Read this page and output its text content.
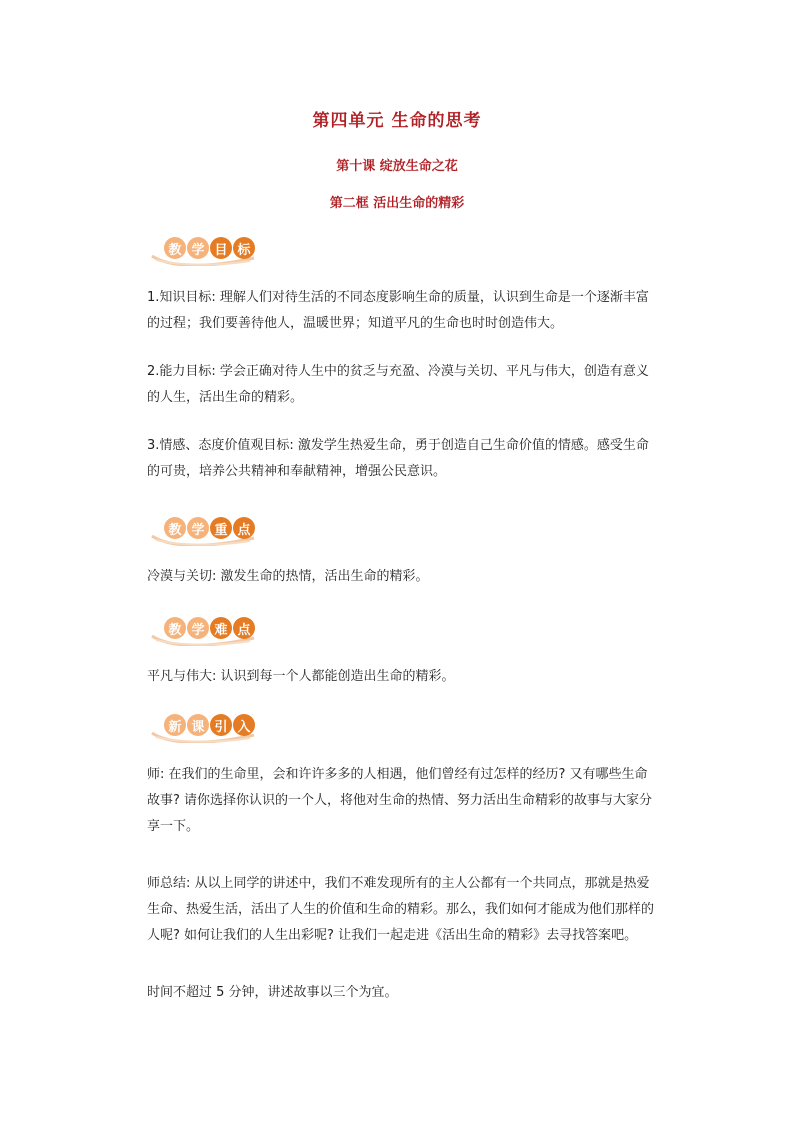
第四单元 生命的思考
第十课 绽放生命之花
第二框 活出生命的精彩
教 学 目 标

1.知识目标: 理解人们对待生活的不同态度影响生命的质量，认识到生命是一个逐渐丰富的过程；我们要善待他人，温暖世界；知道平凡的生命也时时创造伟大。

2.能力目标: 学会正确对待人生中的贫乏与充盈、冷漠与关切、平凡与伟大，创造有意义的人生，活出生命的精彩。

3.情感、态度价值观目标: 激发学生热爱生命，勇于创造自己生命价值的情感。感受生命的可贵，培养公共精神和奉献精神，增强公民意识。

教 学 重 点

冷漠与关切: 激发生命的热情，活出生命的精彩。

教 学 难 点

平凡与伟大: 认识到每一个人都能创造出生命的精彩。

新 课 引 入

师: 在我们的生命里，会和许许多多的人相遇，他们曾经有过怎样的经历? 又有哪些生命故事? 请你选择你认识的一个人，将他对生命的热情、努力活出生命精彩的故事与大家分享一下。

师总结: 从以上同学的讲述中，我们不难发现所有的主人公都有一个共同点，那就是热爱生命、热爱生活，活出了人生的价值和生命的精彩。那么，我们如何才能成为他们那样的人呢? 如何让我们的人生出彩呢? 让我们一起走进《活出生命的精彩》去寻找答案吧。

时间不超过 5 分钟，讲述故事以三个为宜。
